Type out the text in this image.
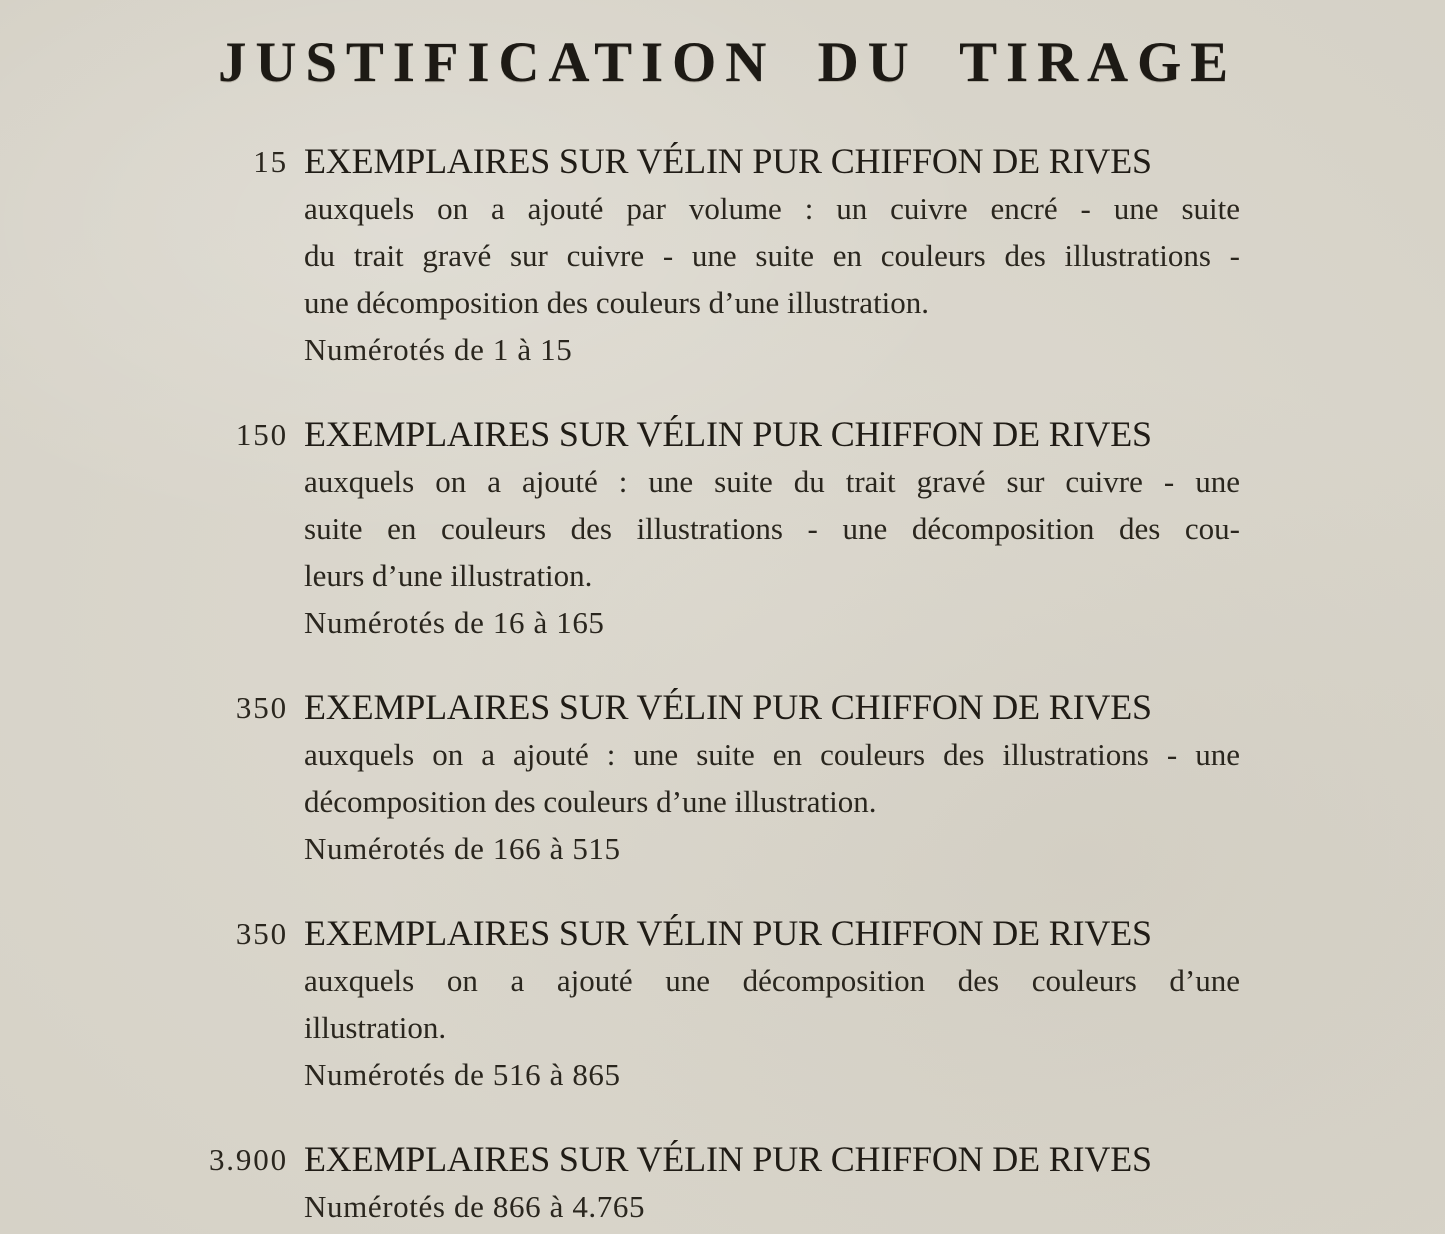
JUSTIFICATION DU TIRAGE
15 EXEMPLAIRES SUR VÉLIN PUR CHIFFON DE RIVES
auxquels on a ajouté par volume : un cuivre encré - une suite
du trait gravé sur cuivre - une suite en couleurs des illustrations -
une décomposition des couleurs d’une illustration.
Numérotés de 1 à 15
150 EXEMPLAIRES SUR VÉLIN PUR CHIFFON DE RIVES
auxquels on a ajouté : une suite du trait gravé sur cuivre - une
suite en couleurs des illustrations - une décomposition des cou-
leurs d’une illustration.
Numérotés de 16 à 165
350 EXEMPLAIRES SUR VÉLIN PUR CHIFFON DE RIVES
auxquels on a ajouté : une suite en couleurs des illustrations - une
décomposition des couleurs d’une illustration.
Numérotés de 166 à 515
350 EXEMPLAIRES SUR VÉLIN PUR CHIFFON DE RIVES
auxquels on a ajouté une décomposition des couleurs d’une
illustration.
Numérotés de 516 à 865
3.900 EXEMPLAIRES SUR VÉLIN PUR CHIFFON DE RIVES
Numérotés de 866 à 4.765
